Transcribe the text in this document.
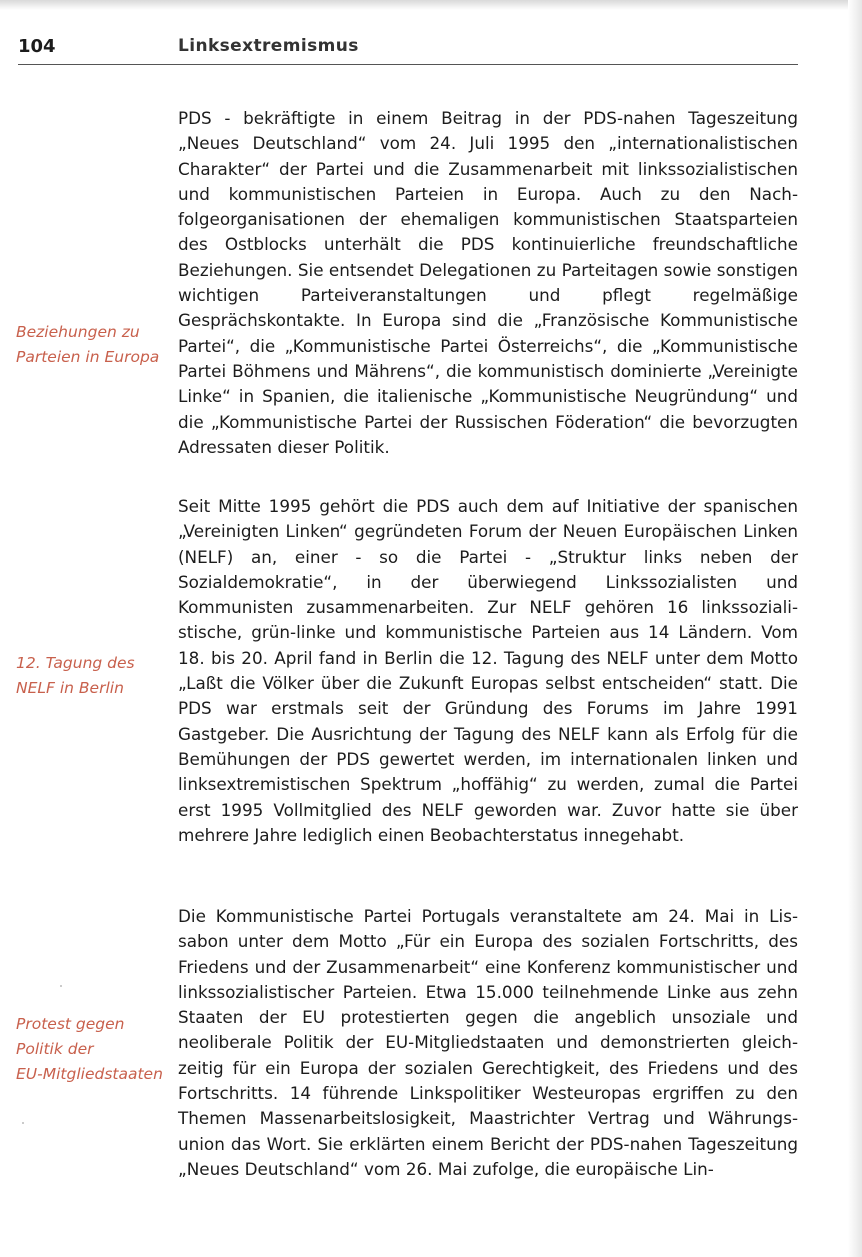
104	Linksextremismus
Beziehungen zu
Parteien in Europa
12. Tagung des
NELF in Berlin
Protest gegen
Politik der
EU-Mitgliedstaaten
PDS - bekräftigte in einem Beitrag in der PDS-nahen Tageszeitung „Neues Deutschland“ vom 24. Juli 1995 den „internationalistischen Charakter“ der Partei und die Zusammenarbeit mit linkssozialistischen und kommunistischen Parteien in Europa. Auch zu den Nachfolgeorganisationen der ehemaligen kommunistischen Staatsparteien des Ostblocks unterhält die PDS kontinuierliche freundschaftliche Beziehungen. Sie entsendet Delegationen zu Parteitagen sowie sonstigen wichtigen Parteiveranstaltungen und pflegt regelmäßige Gesprächskontakte. In Europa sind die „Französische Kommunistische Partei“, die „Kommunistische Partei Österreichs“, die „Kommunistische Partei Böhmens und Mährens“, die kommunistisch dominierte „Vereinigte Linke“ in Spanien, die italienische „Kommunistische Neugründung“ und die „Kommunistische Partei der Russischen Föderation“ die bevorzugten Adressaten dieser Politik.
Seit Mitte 1995 gehört die PDS auch dem auf Initiative der spanischen „Vereinigten Linken“ gegründeten Forum der Neuen Europäischen Linken (NELF) an, einer - so die Partei - „Struktur links neben der Sozialdemokratie“, in der überwiegend Linkssozialisten und Kommunisten zusammenarbeiten. Zur NELF gehören 16 linkssozialistische, grün-linke und kommunistische Parteien aus 14 Ländern. Vom 18. bis 20. April fand in Berlin die 12. Tagung des NELF unter dem Motto „Laßt die Völker über die Zukunft Europas selbst entscheiden“ statt. Die PDS war erstmals seit der Gründung des Forums im Jahre 1991 Gastgeber. Die Ausrichtung der Tagung des NELF kann als Erfolg für die Bemühungen der PDS gewertet werden, im internationalen linken und linksextremistischen Spektrum „hoffähig“ zu werden, zumal die Partei erst 1995 Vollmitglied des NELF geworden war. Zuvor hatte sie über mehrere Jahre lediglich einen Beobachterstatus innegehabt.
Die Kommunistische Partei Portugals veranstaltete am 24. Mai in Lissabon unter dem Motto „Für ein Europa des sozialen Fortschritts, des Friedens und der Zusammenarbeit“ eine Konferenz kommunistischer und linkssozialistischer Parteien. Etwa 15.000 teilnehmende Linke aus zehn Staaten der EU protestierten gegen die angeblich unsoziale und neoliberale Politik der EU-Mitgliedstaaten und demonstrierten gleichzeitig für ein Europa der sozialen Gerechtigkeit, des Friedens und des Fortschritts. 14 führende Linkspolitiker Westeuropas ergriffen zu den Themen Massenarbeitslosigkeit, Maastrichter Vertrag und Währungsunion das Wort. Sie erklärten einem Bericht der PDS-nahen Tageszeitung „Neues Deutschland“ vom 26. Mai zufolge, die europäische Lin-
